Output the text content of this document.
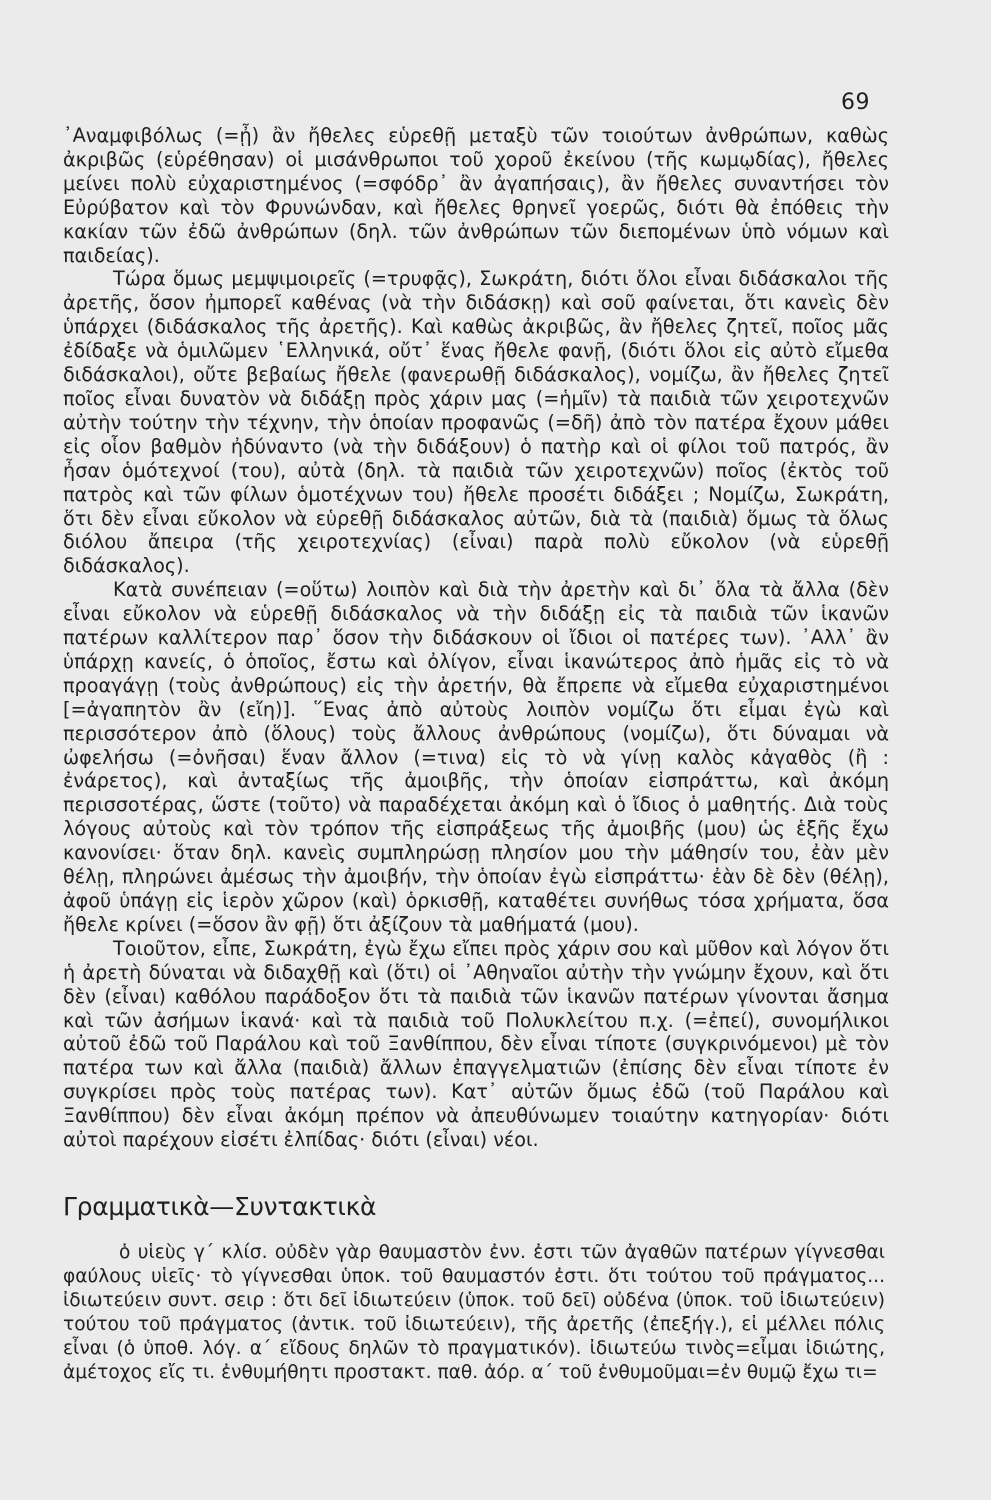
69

᾿Αναμφιβόλως (=ᾖ) ἂν ἤθελες εὑρεθῇ μεταξὺ τῶν τοιούτων ἀνθρώπων, καθὼς ἀκριβῶς (εὑρέθησαν) οἱ μισάνθρωποι τοῦ χοροῦ ἐκείνου (τῆς κωμῳδίας), ἤθελες μείνει πολὺ εὐχαριστημένος (=σφόδρ᾿ ἂν ἀγαπήσαις), ἂν ἤθελες συναντήσει τὸν Εὐρύβατον καὶ τὸν Φρυνώνδαν, καὶ ἤθελες θρηνεῖ γοερῶς, διότι θὰ ἐπόθεις τὴν κακίαν τῶν ἐδῶ ἀνθρώπων (δηλ. τῶν ἀνθρώπων τῶν διεπομένων ὑπὸ νόμων καὶ παιδείας).

Τώρα ὅμως μεμψιμοιρεῖς (=τρυφᾷς), Σωκράτη, διότι ὅλοι εἶναι διδάσκαλοι τῆς ἀρετῆς, ὅσον ἠμπορεῖ καθένας (νὰ τὴν διδάσκῃ) καὶ σοῦ φαίνεται, ὅτι κανεὶς δὲν ὑπάρχει (διδάσκαλος τῆς ἀρετῆς). Καὶ καθὼς ἀκριβῶς, ἂν ἤθελες ζητεῖ, ποῖος μᾶς ἐδίδαξε νὰ ὁμιλῶμεν ῾Ελληνικά, οὔτ᾿ ἕνας ἤθελε φανῇ, (διότι ὅλοι εἰς αὐτὸ εἴμεθα διδάσκαλοι), οὔτε βεβαίως ἤθελε (φανερωθῇ διδάσκαλος), νομίζω, ἂν ἤθελες ζητεῖ ποῖος εἶναι δυνατὸν νὰ διδάξῃ πρὸς χάριν μας (=ἡμῖν) τὰ παιδιὰ τῶν χειροτεχνῶν αὐτὴν τούτην τὴν τέχνην, τὴν ὁποίαν προφανῶς (=δῆ) ἀπὸ τὸν πατέρα ἔχουν μάθει εἰς οἷον βαθμὸν ἠδύναντο (νὰ τὴν διδάξουν) ὁ πατὴρ καὶ οἱ φίλοι τοῦ πατρός, ἂν ἦσαν ὁμότεχνοί (του), αὐτὰ (δηλ. τὰ παιδιὰ τῶν χειροτεχνῶν) ποῖος (ἐκτὸς τοῦ πατρὸς καὶ τῶν φίλων ὁμοτέχνων του) ἤθελε προσέτι διδάξει ; Νομίζω, Σωκράτη, ὅτι δὲν εἶναι εὔκολον νὰ εὑρεθῇ διδάσκαλος αὐτῶν, διὰ τὰ (παιδιὰ) ὅμως τὰ ὅλως διόλου ἄπειρα (τῆς χειροτεχνίας) (εἶναι) παρὰ πολὺ εὔκολον (νὰ εὑρεθῇ διδάσκαλος).

Κατὰ συνέπειαν (=οὕτω) λοιπὸν καὶ διὰ τὴν ἀρετὴν καὶ δι᾿ ὅλα τὰ ἄλλα (δὲν εἶναι εὔκολον νὰ εὑρεθῇ διδάσκαλος νὰ τὴν διδάξῃ εἰς τὰ παιδιὰ τῶν ἱκανῶν πατέρων καλλίτερον παρ᾿ ὅσον τὴν διδάσκουν οἱ ἴδιοι οἱ πατέρες των). ᾿Αλλ᾿ ἂν ὑπάρχῃ κανείς, ὁ ὁποῖος, ἔστω καὶ ὀλίγον, εἶναι ἱκανώτερος ἀπὸ ἡμᾶς εἰς τὸ νὰ προαγάγῃ (τοὺς ἀνθρώπους) εἰς τὴν ἀρετήν, θὰ ἔπρεπε νὰ εἴμεθα εὐχαριστημένοι [=ἀγαπητὸν ἂν (εἴη)]. ῞Ενας ἀπὸ αὐτοὺς λοιπὸν νομίζω ὅτι εἶμαι ἐγὼ καὶ περισσότερον ἀπὸ (ὅλους) τοὺς ἄλλους ἀνθρώπους (νομίζω), ὅτι δύναμαι νὰ ὠφελήσω (=ὀνῆσαι) ἕναν ἄλλον (=τινα) εἰς τὸ νὰ γίνῃ καλὸς κἀγαθὸς (ἢ : ἐνάρετος), καὶ ἀνταξίως τῆς ἀμοιβῆς, τὴν ὁποίαν εἰσπράττω, καὶ ἀκόμη περισσοτέρας, ὥστε (τοῦτο) νὰ παραδέχεται ἀκόμη καὶ ὁ ἴδιος ὁ μαθητής. Διὰ τοὺς λόγους αὐτοὺς καὶ τὸν τρόπον τῆς εἰσπράξεως τῆς ἀμοιβῆς (μου) ὡς ἑξῆς ἔχω κανονίσει· ὅταν δηλ. κανεὶς συμπληρώσῃ πλησίον μου τὴν μάθησίν του, ἐὰν μὲν θέλῃ, πληρώνει ἀμέσως τὴν ἀμοιβήν, τὴν ὁποίαν ἐγὼ εἰσπράττω· ἐὰν δὲ δὲν (θέλῃ), ἀφοῦ ὑπάγῃ εἰς ἱερὸν χῶρον (καὶ) ὁρκισθῇ, καταθέτει συνήθως τόσα χρήματα, ὅσα ἤθελε κρίνει (=ὅσον ἂν φῇ) ὅτι ἀξίζουν τὰ μαθήματά (μου).

Τοιοῦτον, εἶπε, Σωκράτη, ἐγὼ ἔχω εἴπει πρὸς χάριν σου καὶ μῦθον καὶ λόγον ὅτι ἡ ἀρετὴ δύναται νὰ διδαχθῇ καὶ (ὅτι) οἱ ᾿Αθηναῖοι αὐτὴν τὴν γνώμην ἔχουν, καὶ ὅτι δὲν (εἶναι) καθόλου παράδοξον ὅτι τὰ παιδιὰ τῶν ἱκανῶν πατέρων γίνονται ἄσημα καὶ τῶν ἀσήμων ἱκανά· καὶ τὰ παιδιὰ τοῦ Πολυκλείτου π.χ. (=ἐπεί), συνομήλικοι αὐτοῦ ἐδῶ τοῦ Παράλου καὶ τοῦ Ξανθίππου, δὲν εἶναι τίποτε (συγκρινόμενοι) μὲ τὸν πατέρα των καὶ ἄλλα (παιδιὰ) ἄλλων ἐπαγγελματιῶν (ἐπίσης δὲν εἶναι τίποτε ἐν συγκρίσει πρὸς τοὺς πατέρας των). Κατ᾿ αὐτῶν ὅμως ἐδῶ (τοῦ Παράλου καὶ Ξανθίππου) δὲν εἶναι ἀκόμη πρέπον νὰ ἀπευθύνωμεν τοιαύτην κατηγορίαν· διότι αὐτοὶ παρέχουν εἰσέτι ἐλπίδας· διότι (εἶναι) νέοι.

Γραμματικὰ—Συντακτικὰ

ὁ υἱεὺς γ΄ κλίσ. οὐδὲν γὰρ θαυμαστὸν ἐνν. ἐστι τῶν ἀγαθῶν πατέρων γίγνεσθαι φαύλους υἱεῖς· τὸ γίγνεσθαι ὑποκ. τοῦ θαυμαστόν ἐστι. ὅτι τούτου τοῦ πράγματος... ἰδιωτεύειν συντ. σειρ : ὅτι δεῖ ἰδιωτεύειν (ὑποκ. τοῦ δεῖ) οὐδένα (ὑποκ. τοῦ ἰδιωτεύειν) τούτου τοῦ πράγματος (ἀντικ. τοῦ ἰδιωτεύειν), τῆς ἀρετῆς (ἐπεξήγ.), εἰ μέλλει πόλις εἶναι (ὁ ὑποθ. λόγ. α΄ εἴδους δηλῶν τὸ πραγματικόν). ἰδιωτεύω τινὸς=εἶμαι ἰδιώτης, ἀμέτοχος εἴς τι. ἐνθυμήθητι προστακτ. παθ. ἀόρ. α΄ τοῦ ἐνθυμοῦμαι=ἐν θυμῷ ἔχω τι=
